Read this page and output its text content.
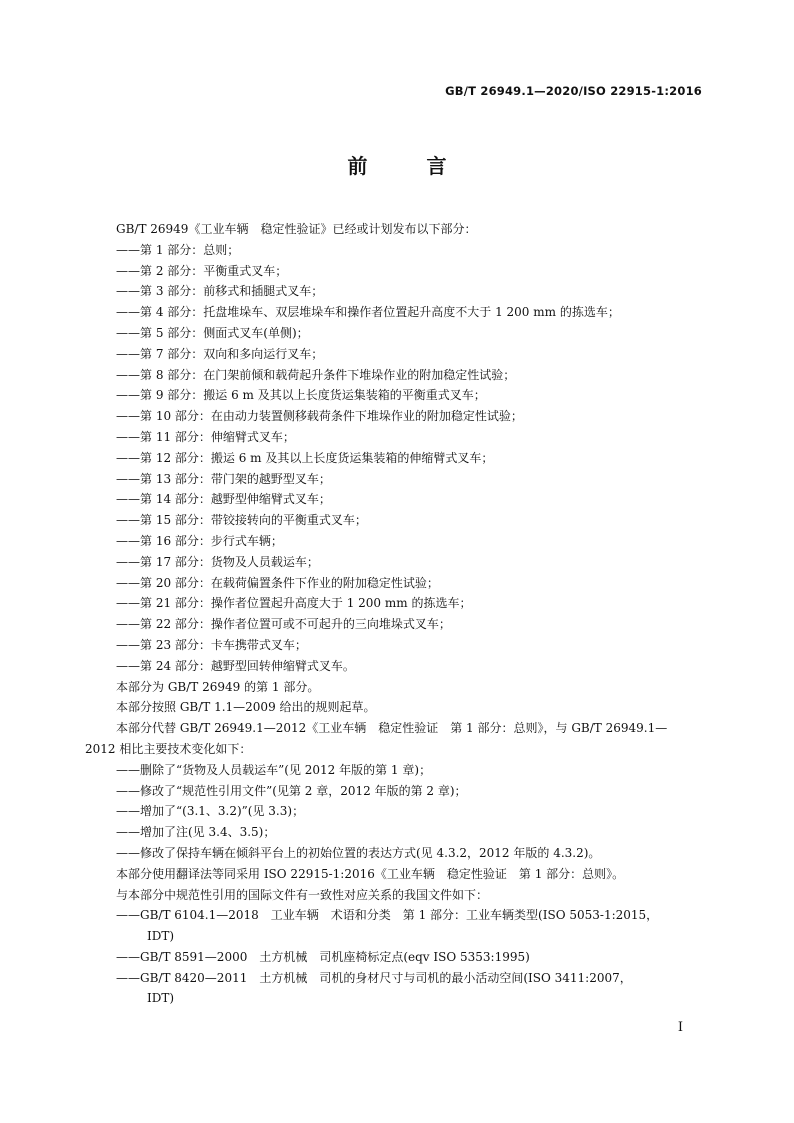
GB/T 26949.1—2020/ISO 22915-1:2016
前 言
GB/T 26949《工业车辆　稳定性验证》已经或计划发布以下部分：
——第 1 部分：总则；
——第 2 部分：平衡重式叉车；
——第 3 部分：前移式和插腿式叉车；
——第 4 部分：托盘堆垛车、双层堆垛车和操作者位置起升高度不大于 1 200 mm 的拣选车；
——第 5 部分：侧面式叉车(单侧)；
——第 7 部分：双向和多向运行叉车；
——第 8 部分：在门架前倾和载荷起升条件下堆垛作业的附加稳定性试验；
——第 9 部分：搬运 6 m 及其以上长度货运集装箱的平衡重式叉车；
——第 10 部分：在由动力装置侧移载荷条件下堆垛作业的附加稳定性试验；
——第 11 部分：伸缩臂式叉车；
——第 12 部分：搬运 6 m 及其以上长度货运集装箱的伸缩臂式叉车；
——第 13 部分：带门架的越野型叉车；
——第 14 部分：越野型伸缩臂式叉车；
——第 15 部分：带铰接转向的平衡重式叉车；
——第 16 部分：步行式车辆；
——第 17 部分：货物及人员载运车；
——第 20 部分：在载荷偏置条件下作业的附加稳定性试验；
——第 21 部分：操作者位置起升高度大于 1 200 mm 的拣选车；
——第 22 部分：操作者位置可或不可起升的三向堆垛式叉车；
——第 23 部分：卡车携带式叉车；
——第 24 部分：越野型回转伸缩臂式叉车。
本部分为 GB/T 26949 的第 1 部分。
本部分按照 GB/T 1.1—2009 给出的规则起草。
本部分代替 GB/T 26949.1—2012《工业车辆　稳定性验证　第 1 部分：总则》，与 GB/T 26949.1—
2012 相比主要技术变化如下：
——删除了“货物及人员载运车”(见 2012 年版的第 1 章)；
——修改了“规范性引用文件”(见第 2 章，2012 年版的第 2 章)；
——增加了“(3.1、3.2)”(见 3.3)；
——增加了注(见 3.4、3.5)；
——修改了保持车辆在倾斜平台上的初始位置的表达方式(见 4.3.2，2012 年版的 4.3.2)。
本部分使用翻译法等同采用 ISO 22915-1:2016《工业车辆　稳定性验证　第 1 部分：总则》。
与本部分中规范性引用的国际文件有一致性对应关系的我国文件如下：
——GB/T 6104.1—2018　工业车辆　术语和分类　第 1 部分：工业车辆类型(ISO 5053-1:2015，
IDT)
——GB/T 8591—2000　土方机械　司机座椅标定点(eqv ISO 5353:1995)
——GB/T 8420—2011　土方机械　司机的身材尺寸与司机的最小活动空间(ISO 3411:2007，
IDT)
I
